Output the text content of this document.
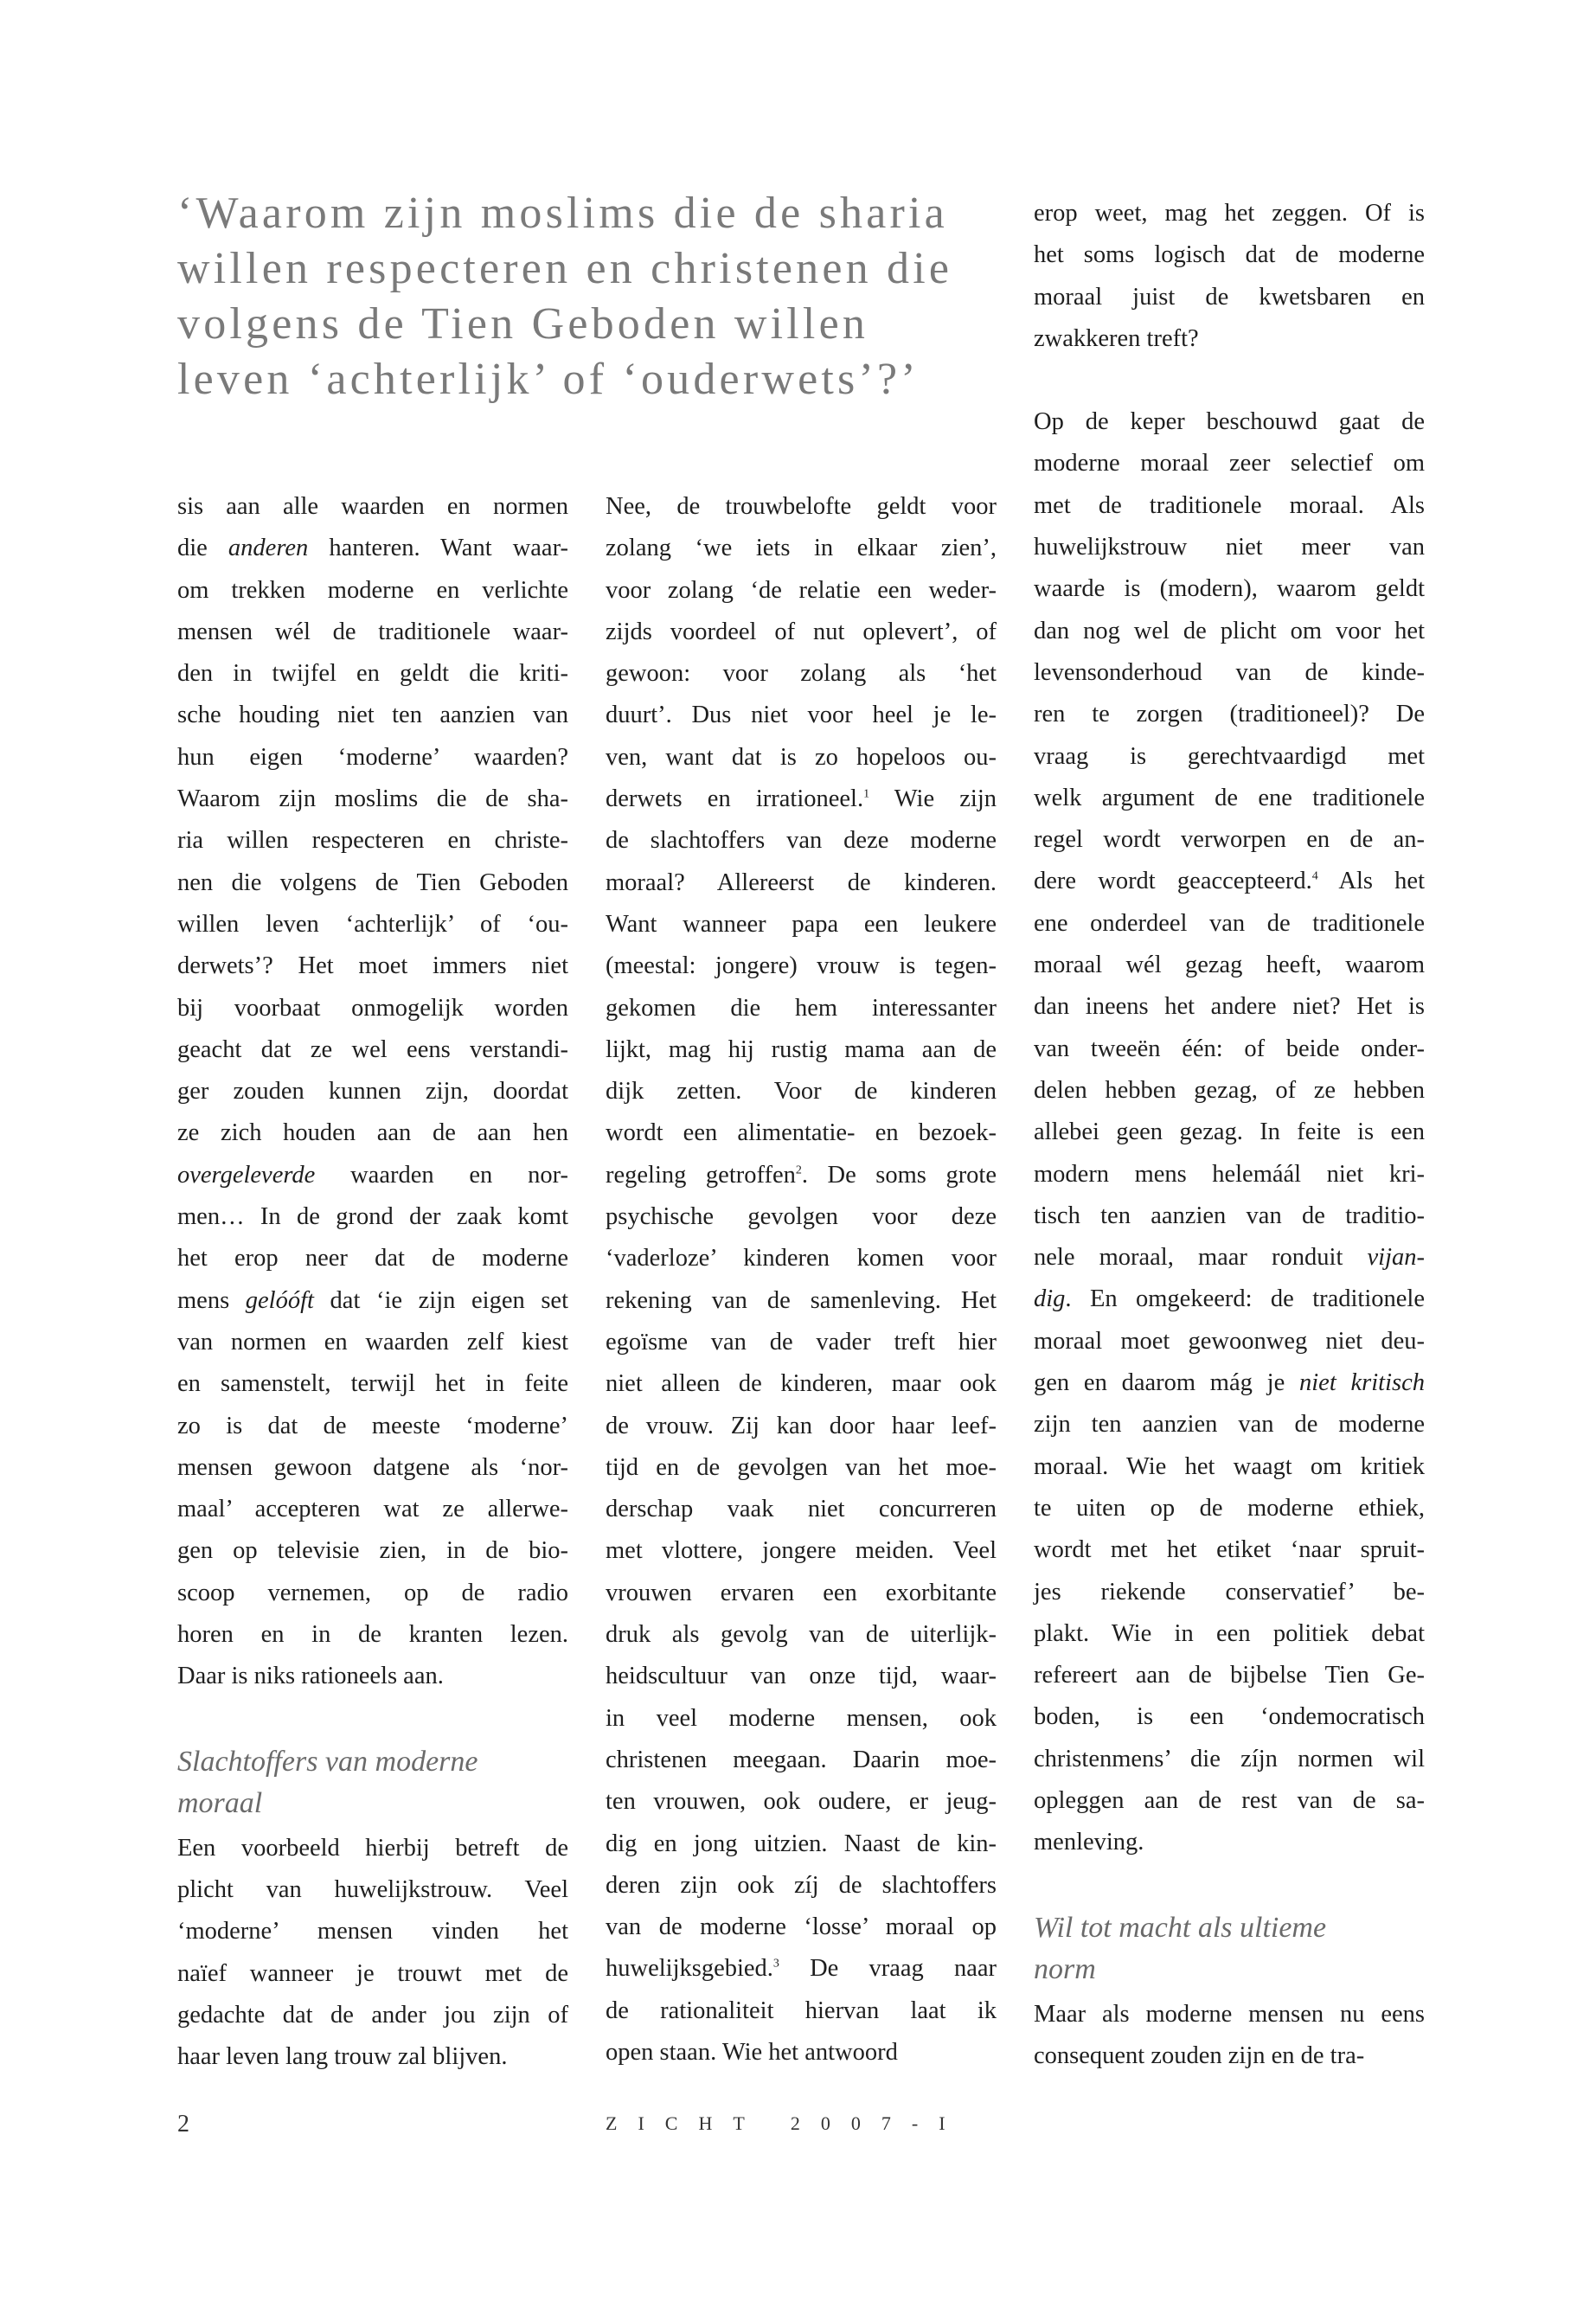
‘Waarom zijn moslims die de sharia
willen respecteren en christenen die
volgens de Tien Geboden willen
leven ‘achterlijk’ of ‘ouderwets’?’

sis aan alle waarden en normen
die anderen hanteren. Want waar-
om trekken moderne en verlichte
mensen wél de traditionele waar-
den in twijfel en geldt die kriti-
sche houding niet ten aanzien van
hun eigen ‘moderne’ waarden?
Waarom zijn moslims die de sha-
ria willen respecteren en christe-
nen die volgens de Tien Geboden
willen leven ‘achterlijk’ of ‘ou-
derwets’? Het moet immers niet
bij voorbaat onmogelijk worden
geacht dat ze wel eens verstandi-
ger zouden kunnen zijn, doordat
ze zich houden aan de aan hen
overgeleverde waarden en nor-
men… In de grond der zaak komt
het erop neer dat de moderne
mens gelóóft dat ‘ie zijn eigen set
van normen en waarden zelf kiest
en samenstelt, terwijl het in feite
zo is dat de meeste ‘moderne’
mensen gewoon datgene als ‘nor-
maal’ accepteren wat ze allerwe-
gen op televisie zien, in de bio-
scoop vernemen, op de radio
horen en in de kranten lezen.
Daar is niks rationeels aan.

Slachtoffers van moderne
moraal

Een voorbeeld hierbij betreft de
plicht van huwelijkstrouw. Veel
‘moderne’ mensen vinden het
naïef wanneer je trouwt met de
gedachte dat de ander jou zijn of
haar leven lang trouw zal blijven.

Nee, de trouwbelofte geldt voor
zolang ‘we iets in elkaar zien’,
voor zolang ‘de relatie een weder-
zijds voordeel of nut oplevert’, of
gewoon: voor zolang als ‘het
duurt’. Dus niet voor heel je le-
ven, want dat is zo hopeloos ou-
derwets en irrationeel.$^1$ Wie zijn
de slachtoffers van deze moderne
moraal? Allereerst de kinderen.
Want wanneer papa een leukere
(meestal: jongere) vrouw is tegen-
gekomen die hem interessanter
lijkt, mag hij rustig mama aan de
dijk zetten. Voor de kinderen
wordt een alimentatie- en bezoek-
regeling getroffen$^2$. De soms grote
psychische gevolgen voor deze
‘vaderloze’ kinderen komen voor
rekening van de samenleving. Het
egoïsme van de vader treft hier
niet alleen de kinderen, maar ook
de vrouw. Zij kan door haar leef-
tijd en de gevolgen van het moe-
derschap vaak niet concurreren
met vlottere, jongere meiden. Veel
vrouwen ervaren een exorbitante
druk als gevolg van de uiterlijk-
heidscultuur van onze tijd, waar-
in veel moderne mensen, ook
christenen meegaan. Daarin moe-
ten vrouwen, ook oudere, er jeug-
dig en jong uitzien. Naast de kin-
deren zijn ook zíj de slachtoffers
van de moderne ‘losse’ moraal op
huwelijksgebied.$^3$ De vraag naar
de rationaliteit hiervan laat ik
open staan. Wie het antwoord

erop weet, mag het zeggen. Of is
het soms logisch dat de moderne
moraal juist de kwetsbaren en
zwakkeren treft?

Op de keper beschouwd gaat de
moderne moraal zeer selectief om
met de traditionele moraal. Als
huwelijkstrouw niet meer van
waarde is (modern), waarom geldt
dan nog wel de plicht om voor het
levensonderhoud van de kinde-
ren te zorgen (traditioneel)? De
vraag is gerechtvaardigd met
welk argument de ene traditionele
regel wordt verworpen en de an-
dere wordt geaccepteerd.$^4$ Als het
ene onderdeel van de traditionele
moraal wél gezag heeft, waarom
dan ineens het andere niet? Het is
van tweeën één: of beide onder-
delen hebben gezag, of ze hebben
allebei geen gezag. In feite is een
modern mens helemáál niet kri-
tisch ten aanzien van de traditio-
nele moraal, maar ronduit vijan-
dig. En omgekeerd: de traditionele
moraal moet gewoonweg niet deu-
gen en daarom mág je niet kritisch
zijn ten aanzien van de moderne
moraal. Wie het waagt om kritiek
te uiten op de moderne ethiek,
wordt met het etiket ‘naar spruit-
jes riekende conservatief’ be-
plakt. Wie in een politiek debat
refereert aan de bijbelse Tien Ge-
boden, is een ‘ondemocratisch
christenmens’ die zíjn normen wil
opleggen aan de rest van de sa-
menleving.

Wil tot macht als ultieme
norm

Maar als moderne mensen nu eens
consequent zouden zijn en de tra-

2	ZICHT 2007-I
